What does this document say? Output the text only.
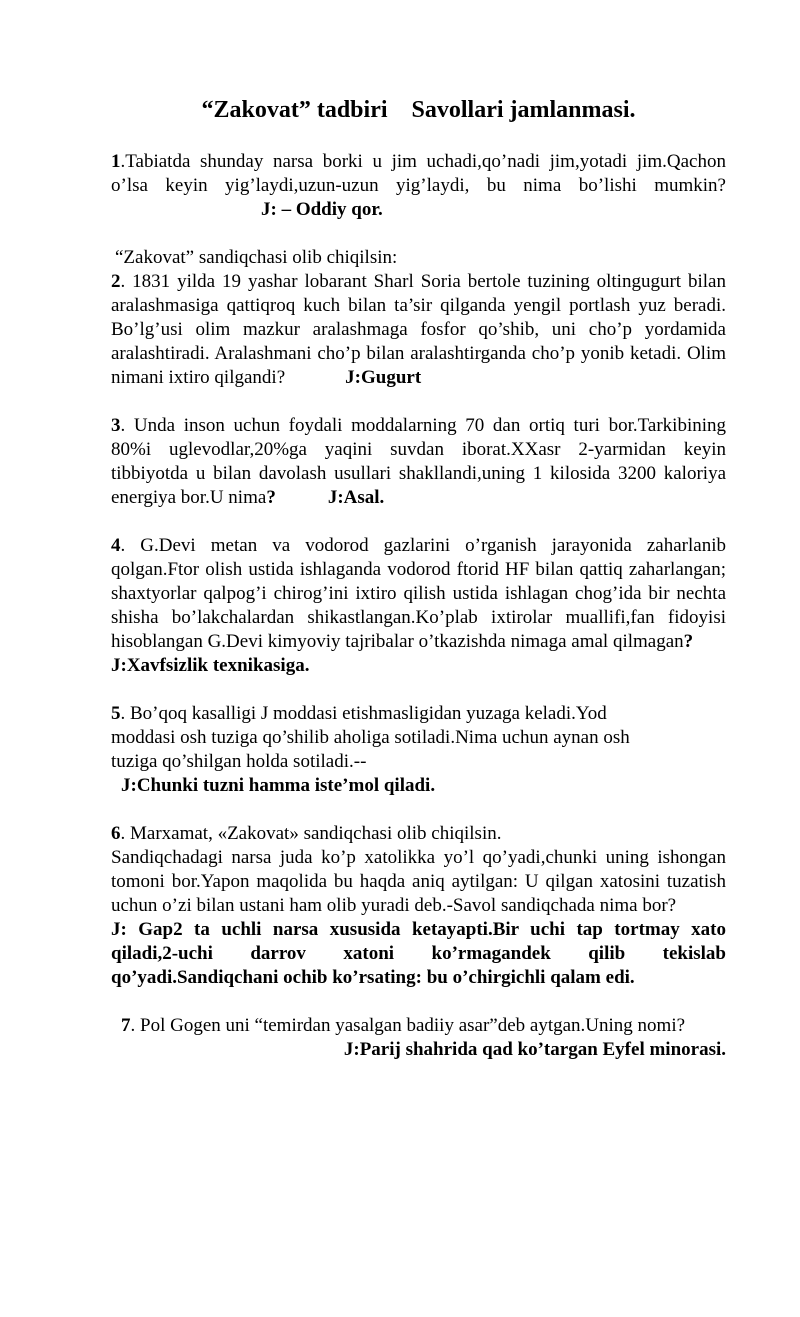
“Zakovat” tadbiri    Savollari jamlanmasi.

1.Tabiatda shunday narsa borki u jim uchadi,qo’nadi jim,yotadi jim.Qachon o’lsa keyin yig’laydi,uzun-uzun yig’laydi, bu nima bo’lishi mumkin?J: – Oddiy qor.

“Zakovat” sandiqchasi olib chiqilsin:

2. 1831 yilda 19 yashar lobarant Sharl Soria bertole tuzining oltingugurt bilan aralashmasiga qattiqroq kuch bilan ta’sir qilganda yengil portlash yuz beradi. Bo’lg’usi olim mazkur aralashmaga fosfor qo’shib, uni cho’p yordamida aralashtiradi. Aralashmani cho’p bilan aralashtirganda cho’p yonib ketadi. Olim nimani ixtiro qilgandi?	J:Gugurt

3. Unda inson uchun foydali moddalarning 70 dan ortiq turi bor.Tarkibining 80%i uglevodlar,20%ga yaqini suvdan iborat.XXasr 2-yarmidan keyin tibbiyotda u bilan davolash usullari shakllandi,uning 1 kilosida 3200 kaloriya energiya bor.U nima?	J:Asal.

4. G.Devi metan va vodorod gazlarini o’rganish jarayonida zaharlanib qolgan.Ftor olish ustida ishlaganda vodorod ftorid HF bilan qattiq zaharlangan; shaxtyorlar qalpog’i chirog’ini ixtiro qilish ustida ishlagan chog’ida bir nechta shisha bo’lakchalardan shikastlangan.Ko’plab ixtirolar muallifi,fan fidoyisi hisoblangan G.Devi kimyoviy tajribalar o’tkazishda nimaga amal qilmagan?

J:Xavfsizlik texnikasiga.

5. Bo’qoq kasalligi J moddasi etishmasligidan yuzaga keladi.Yod moddasi osh tuziga qo’shilib aholiga sotiladi.Nima uchun aynan osh tuziga qo’shilgan holda sotiladi.--

J:Chunki tuzni hamma iste’mol qiladi.

6. Marxamat, «Zakovat» sandiqchasi olib chiqilsin.

Sandiqchadagi narsa juda ko’p xatolikka yo’l qo’yadi,chunki uning ishongan tomoni bor.Yapon maqolida bu haqda aniq aytilgan: U qilgan xatosini tuzatish uchun o’zi bilan ustani ham olib yuradi deb.-Savol sandiqchada nima bor?

J: Gap2 ta uchli narsa xususida ketayapti.Bir uchi tap tortmay xato qiladi,2-uchi darrov xatoni ko’rmagandek qilib tekislab qo’yadi.Sandiqchani ochib ko’rsating: bu o’chirgichli qalam edi.

7. Pol Gogen uni “temirdan yasalgan badiiy asar”deb aytgan.Uning nomi?

J:Parij shahrida qad ko’targan Eyfel minorasi.
